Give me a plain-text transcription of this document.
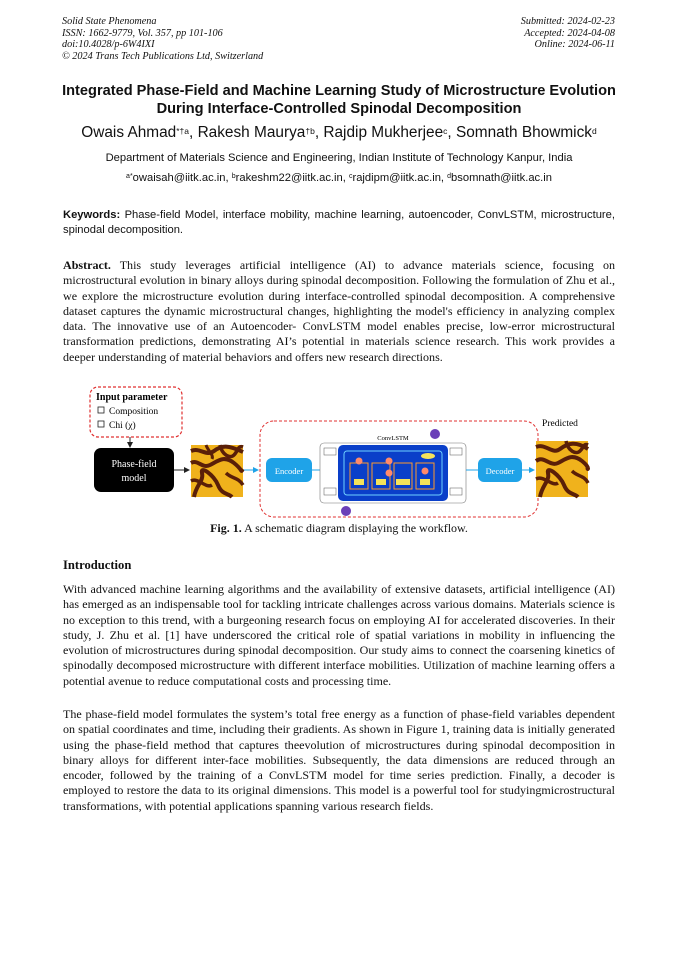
Solid State Phenomena
ISSN: 1662-9779, Vol. 357, pp 101-106
doi:10.4028/p-6W4IXI
© 2024 Trans Tech Publications Ltd, Switzerland
Submitted: 2024-02-23
Accepted: 2024-04-08
Online: 2024-06-11
Integrated Phase-Field and Machine Learning Study of Microstructure Evolution During Interface-Controlled Spinodal Decomposition
Owais Ahmad$^{*\dagger a}$, Rakesh Maurya$^{\dagger b}$, Rajdip Mukherjee$^c$, Somnath Bhowmick$^d$
Department of Materials Science and Engineering, Indian Institute of Technology Kanpur, India
$^{a*}$owaisah@iitk.ac.in, $^b$rakeshm22@iitk.ac.in, $^c$rajdipm@iitk.ac.in, $^d$bsomnath@iitk.ac.in
Keywords: Phase-field Model, interface mobility, machine learning, autoencoder, ConvLSTM, microstructure, spinodal decomposition.
Abstract. This study leverages artificial intelligence (AI) to advance materials science, focusing on microstructural evolution in binary alloys during spinodal decomposition. Following the formulation of Zhu et al., we explore the microstructure evolution during interface-controlled spinodal decomposition. A comprehensive dataset captures the dynamic microstructural changes, highlighting the model's efficiency in analyzing complex data. The innovative use of an Autoencoder- ConvLSTM model enables precise, low-error microstructural transformation predictions, demonstrating AI’s potential in materials science research. This work provides a deeper understanding of material behaviors and offers new research directions.
Input parameter
Composition
Chi (χ)
Phase-field
model
Encoder
ConvLSTM
Decoder
Predicted
Fig. 1. A schematic diagram displaying the workflow.
Introduction
With advanced machine learning algorithms and the availability of extensive datasets, artificial intelligence (AI) has emerged as an indispensable tool for tackling intricate challenges across various domains. Materials science is no exception to this trend, with a burgeoning research focus on employing AI for accelerated discoveries. In their study, J. Zhu et al. [1] have underscored the critical role of spatial variations in mobility in influencing the evolution of microstructures during spinodal decomposition. Our study aims to connect the coarsening kinetics of spinodally decomposed microstructure with different interface mobilities. Utilization of machine learning offers a potential avenue to reduce computational costs and processing time.
The phase-field model formulates the system’s total free energy as a function of phase-field variables dependent on spatial coordinates and time, including their gradients. As shown in Figure 1, training data is initially generated using the phase-field method that captures theevolution of microstructures during spinodal decomposition in binary alloys for different inter-face mobilities. Subsequently, the data dimensions are reduced through an encoder, followed by the training of a ConvLSTM model for time series prediction. Finally, a decoder is employed to restore the data to its original dimensions. This model is a powerful tool for studyingmicrostructural transformations, with potential applications spanning various research fields.
